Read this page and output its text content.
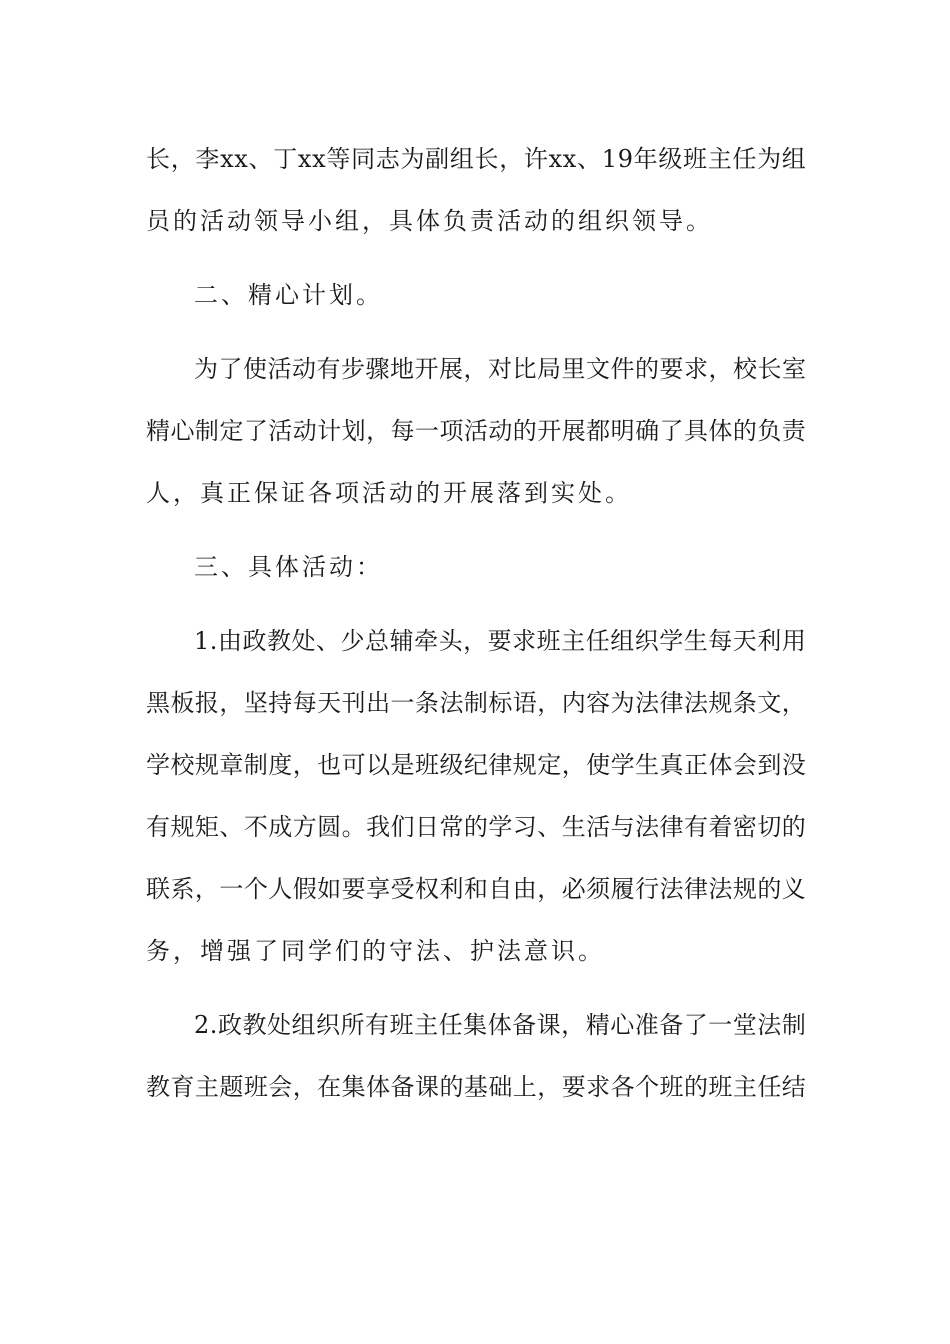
长 ， 李 x x 、 丁 x x 等 同 志 为 副 组 长 ， 许 x x 、 1 9 年 级 班 主 任 为 组
员的活动领导小组，具体负责活动的组织领导。
二、精心计划。
为 了 使 活 动 有 步 骤 地 开 展 ， 对 比 局 里 文 件 的 要 求 ， 校 长 室
精 心 制 定 了 活 动 计 划 ， 每 一 项 活 动 的 开 展 都 明 确 了 具 体 的 负 责
人，真正保证各项活动的开展落到实处。
三、具体活动：
1 . 由 政 教 处 、 少 总 辅 牵 头 ， 要 求 班 主 任 组 织 学 生 每 天 利 用
黑 板 报 ， 坚 持 每 天 刊 出 一 条 法 制 标 语 ， 内 容 为 法 律 法 规 条 文 ，
学 校 规 章 制 度 ， 也 可 以 是 班 级 纪 律 规 定 ， 使 学 生 真 正 体 会 到 没
有 规 矩 、 不 成 方 圆 。 我 们 日 常 的 学 习 、 生 活 与 法 律 有 着 密 切 的
联 系 ， 一 个 人 假 如 要 享 受 权 利 和 自 由 ， 必 须 履 行 法 律 法 规 的 义
务，增强了同学们的守法、护法意识。
2 . 政 教 处 组 织 所 有 班 主 任 集 体 备 课 ， 精 心 准 备 了 一 堂 法 制
教 育 主 题 班 会 ， 在 集 体 备 课 的 基 础 上 ， 要 求 各 个 班 的 班 主 任 结
